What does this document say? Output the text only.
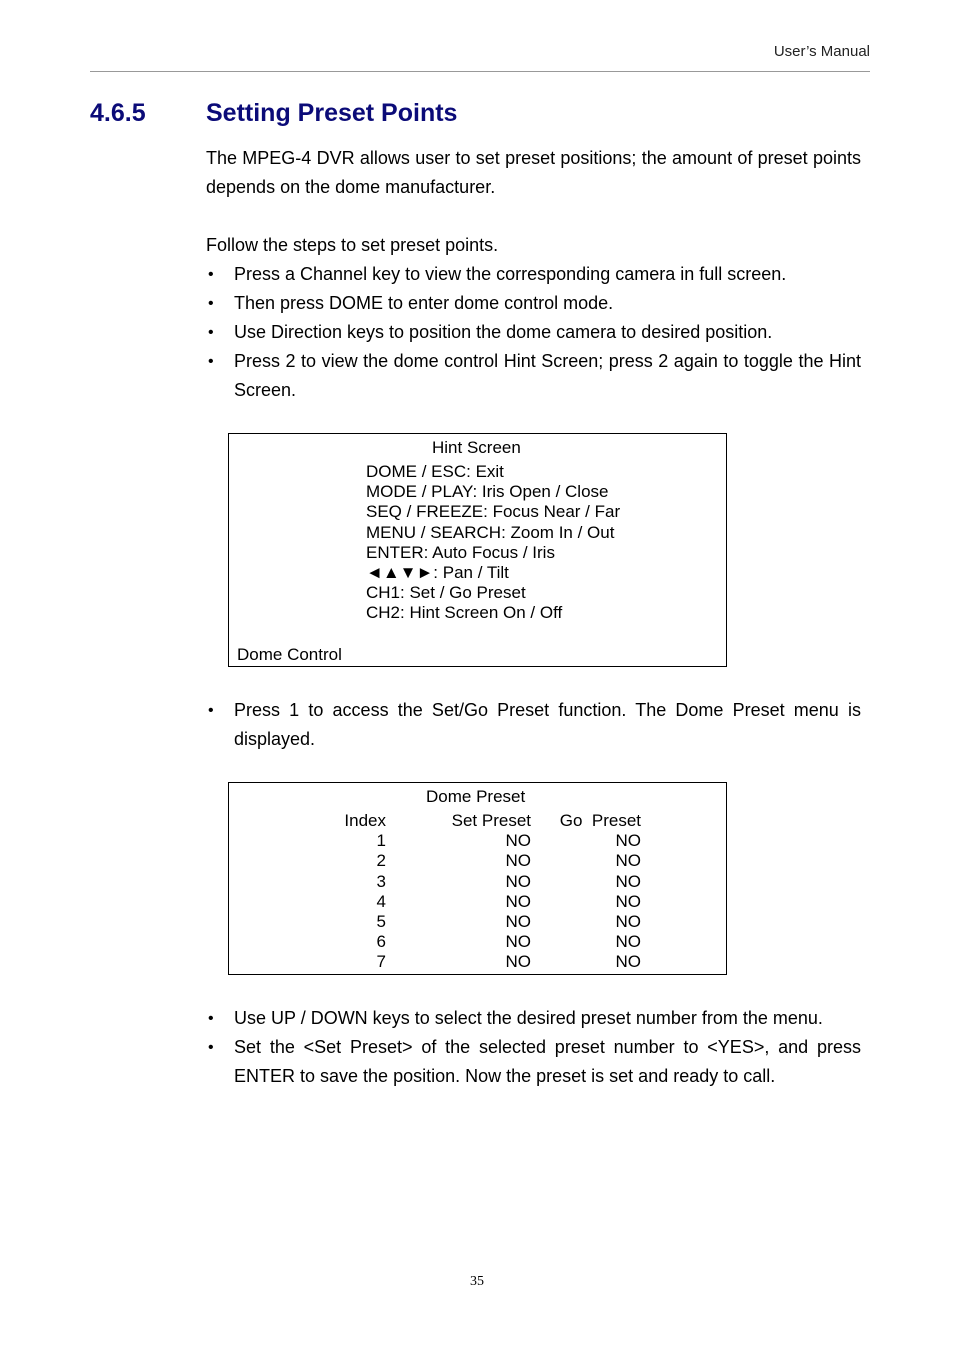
User’s Manual
4.6.5 Setting Preset Points
The MPEG-4 DVR allows user to set preset positions; the amount of preset points depends on the dome manufacturer.
Follow the steps to set preset points.
• Press a Channel key to view the corresponding camera in full screen.
• Then press DOME to enter dome control mode.
• Use Direction keys to position the dome camera to desired position.
• Press 2 to view the dome control Hint Screen; press 2 again to toggle the Hint Screen.
Hint Screen
DOME / ESC: Exit
MODE / PLAY: Iris Open / Close
SEQ / FREEZE: Focus Near / Far
MENU / SEARCH: Zoom In / Out
ENTER: Auto Focus / Iris
◄▲▼►: Pan / Tilt
CH1: Set / Go Preset
CH2: Hint Screen On / Off
Dome Control
• Press 1 to access the Set/Go Preset function. The Dome Preset menu is displayed.
Dome Preset
Index	Set Preset	Go  Preset
1	NO	NO
2	NO	NO
3	NO	NO
4	NO	NO
5	NO	NO
6	NO	NO
7	NO	NO
• Use UP / DOWN keys to select the desired preset number from the menu.
• Set the <Set Preset> of the selected preset number to <YES>, and press ENTER to save the position. Now the preset is set and ready to call.
35
